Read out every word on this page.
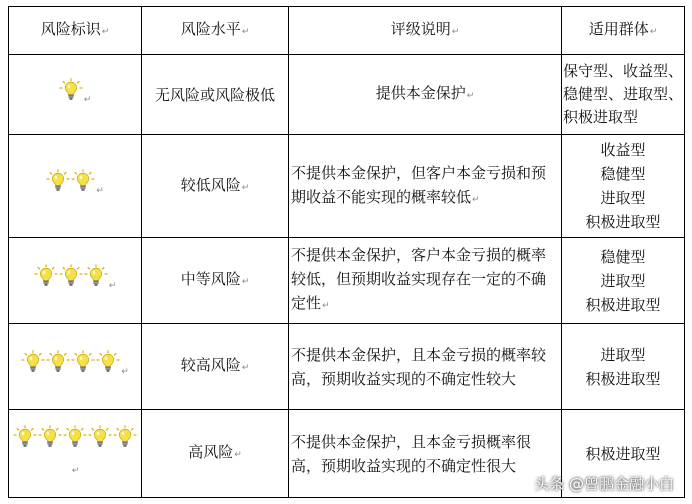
风险标识↵	风险水平↵	评级说明↵	适用群体↵

↵	无风险或风险极低	提供本金保护↵	保守型、收益型、稳健型、进取型、积极进取型

↵	较低风险↵	不提供本金保护，但客户本金亏损和预期收益不能实现的概率较低↵	收益型
稳健型
进取型
积极进取型

↵	中等风险↵	不提供本金保护，客户本金亏损的概率较低，但预期收益实现存在一定的不确定性↵	稳健型
进取型
积极进取型

↵	较高风险↵	不提供本金保护，且本金亏损的概率较高，预期收益实现的不确定性较大	进取型
积极进取型

↵	高风险↵	不提供本金保护，且本金亏损概率很高，预期收益实现的不确定性很大	积极进取型
头条 @曾鹏金融小白
